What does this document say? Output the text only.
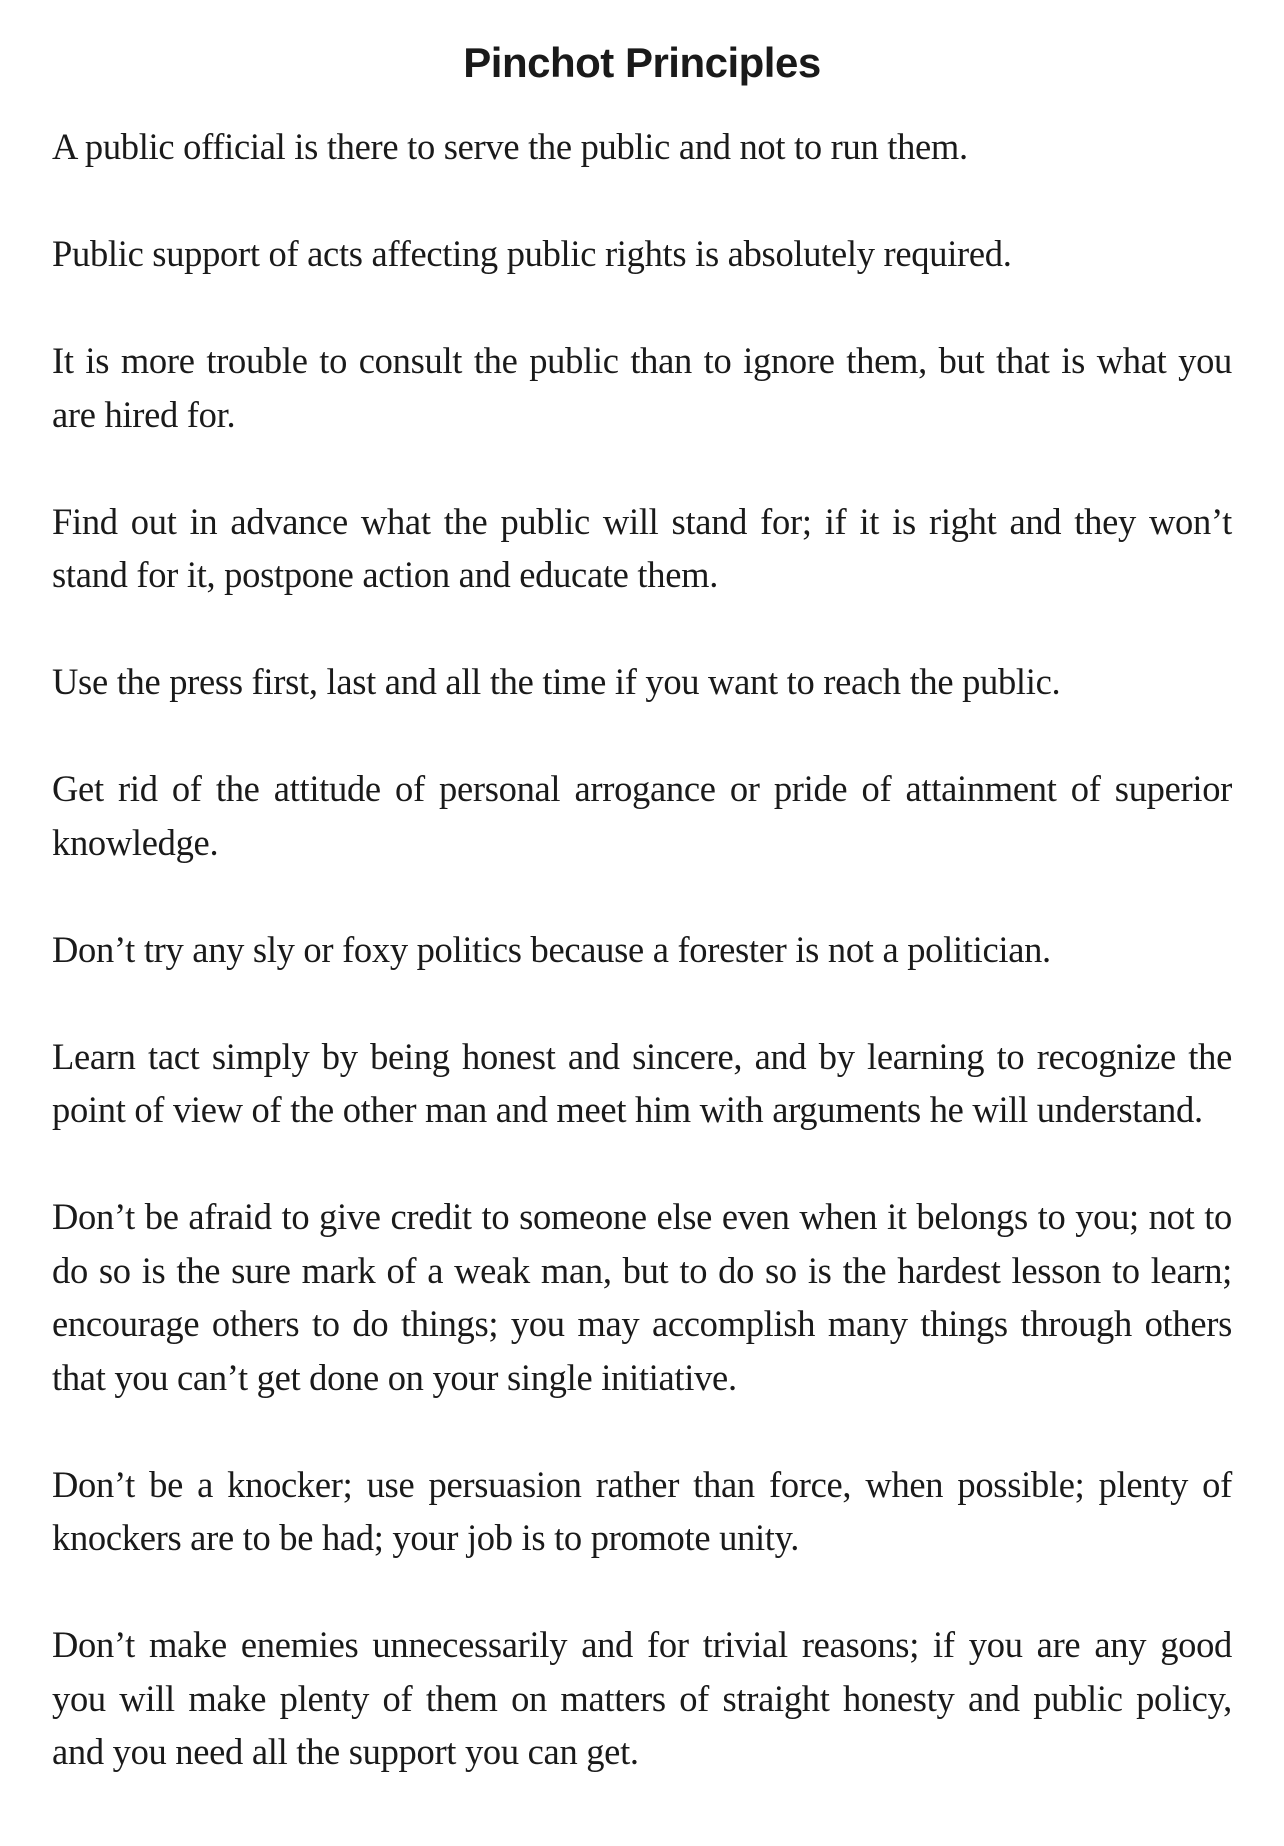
Pinchot Principles

A public official is there to serve the public and not to run them.

Public support of acts affecting public rights is absolutely required.

It is more trouble to consult the public than to ignore them, but that is what you are hired for.

Find out in advance what the public will stand for; if it is right and they won’t stand for it, postpone action and educate them.

Use the press first, last and all the time if you want to reach the public.

Get rid of the attitude of personal arrogance or pride of attainment of superior knowledge.

Don’t try any sly or foxy politics because a forester is not a politician.

Learn tact simply by being honest and sincere, and by learning to recognize the point of view of the other man and meet him with arguments he will understand.

Don’t be afraid to give credit to someone else even when it belongs to you; not to do so is the sure mark of a weak man, but to do so is the hardest lesson to learn; encourage others to do things; you may accomplish many things through others that you can’t get done on your single initiative.

Don’t be a knocker; use persuasion rather than force, when possible; plenty of knockers are to be had; your job is to promote unity.

Don’t make enemies unnecessarily and for trivial reasons; if you are any good you will make plenty of them on matters of straight honesty and public policy, and you need all the support you can get.
